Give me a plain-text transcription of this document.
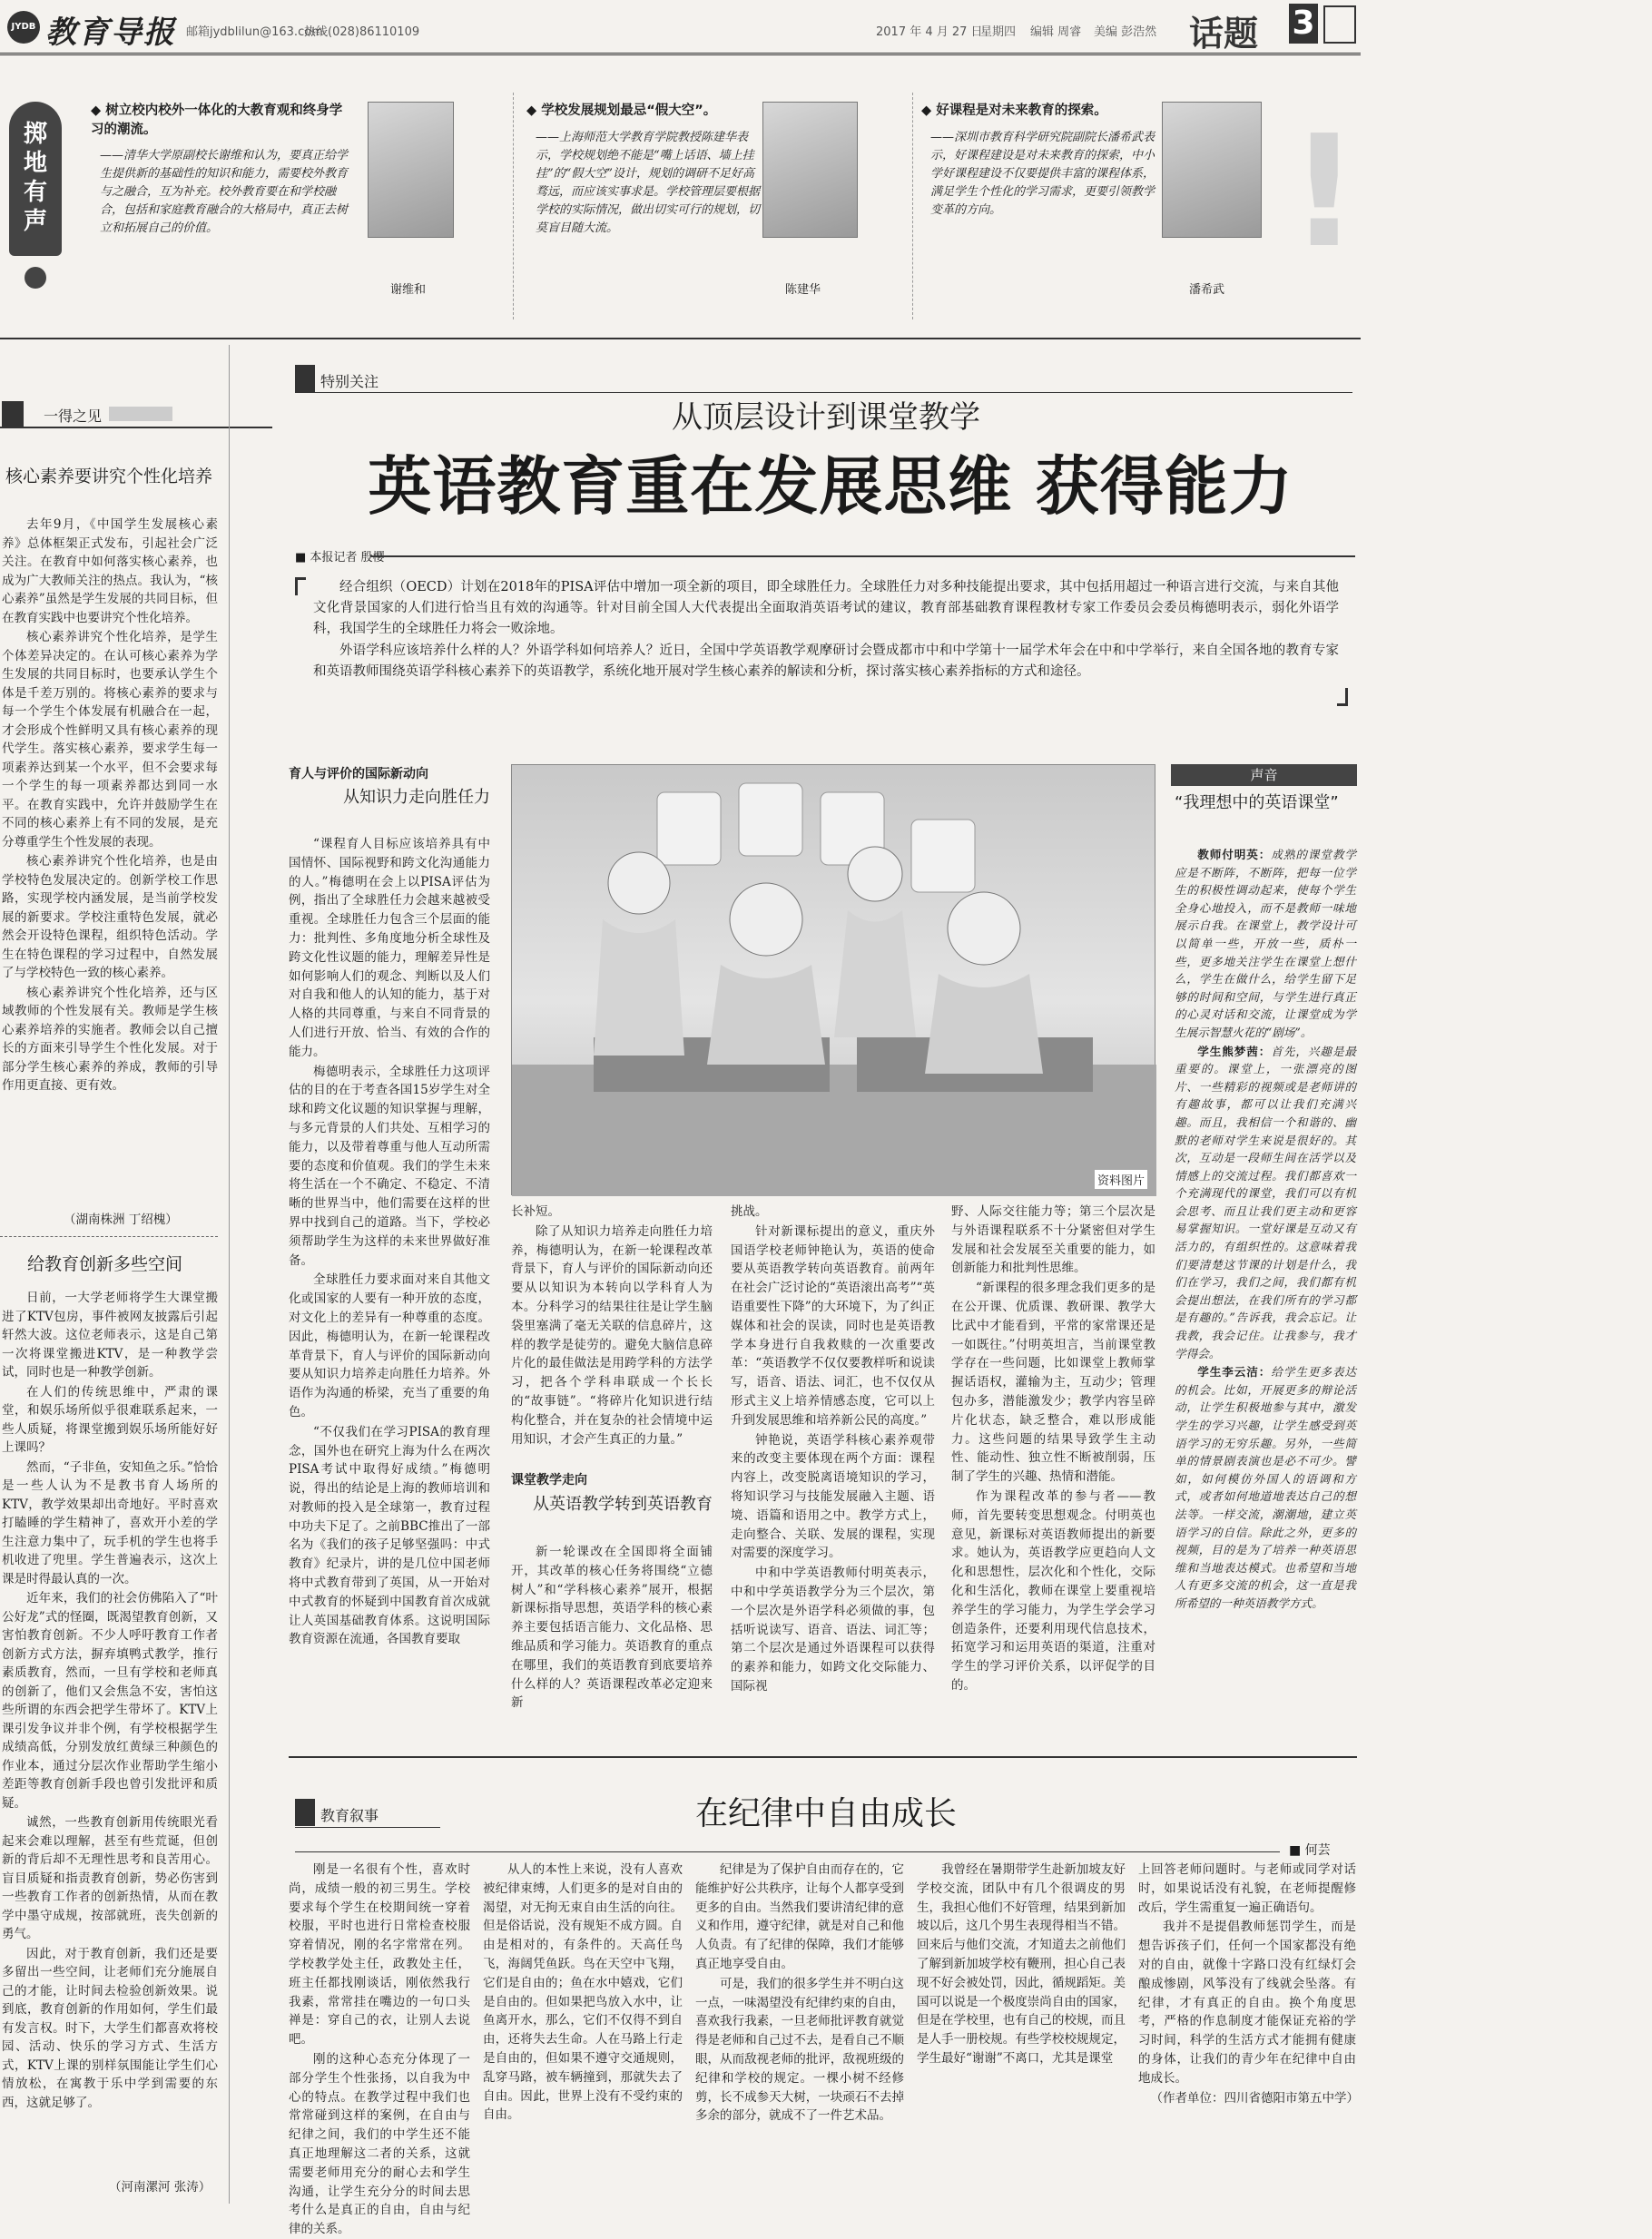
JYDB 教育导报 邮箱jydblilun@163.com
热线(028)86110109	2017 年 4 月 27 日
星期四 编辑 周睿 美编 彭浩然 话题 3
掷地有声
◆ 树立校内校外一体化的大教育观和终身学习的潮流。
——清华大学原副校长谢维和认为，要真正给学生提供新的基础性的知识和能力，需要校外教育与之融合，互为补充。校外教育要在和学校融合，包括和家庭教育融合的大格局中，真正去树立和拓展自己的价值。
谢维和
◆ 学校发展规划最忌“假大空”。
——上海师范大学教育学院教授陈建华表示，学校规划绝不能是“嘴上话语、墙上挂挂”的“假大空”设计，规划的调研不足好高骛远，而应该实事求是。学校管理层要根据学校的实际情况，做出切实可行的规划，切莫盲目随大流。
陈建华
◆ 好课程是对未来教育的探索。
——深圳市教育科学研究院副院长潘希武表示，好课程建设是对未来教育的探索，中小学好课程建设不仅要提供丰富的课程体系，满足学生个性化的学习需求，更要引领教学变革的方向。
潘希武
!
一得之见
核心素养要讲究个性化培养

去年9月，《中国学生发展核心素养》总体框架正式发布，引起社会广泛关注。在教育中如何落实核心素养，也成为广大教师关注的热点。我认为，“核心素养”虽然是学生发展的共同目标，但在教育实践中也要讲究个性化培养。

核心素养讲究个性化培养，是学生个体差异决定的。在认可核心素养为学生发展的共同目标时，也要承认学生个体是千差万别的。将核心素养的要求与每一个学生个体发展有机融合在一起，才会形成个性鲜明又具有核心素养的现代学生。落实核心素养，要求学生每一项素养达到某一个水平，但不会要求每一个学生的每一项素养都达到同一水平。在教育实践中，允许并鼓励学生在不同的核心素养上有不同的发展，是充分尊重学生个性发展的表现。

核心素养讲究个性化培养，也是由学校特色发展决定的。创新学校工作思路，实现学校内涵发展，是当前学校发展的新要求。学校注重特色发展，就必然会开设特色课程，组织特色活动。学生在特色课程的学习过程中，自然发展了与学校特色一致的核心素养。

核心素养讲究个性化培养，还与区域教师的个性发展有关。教师是学生核心素养培养的实施者。教师会以自己擅长的方面来引导学生个性化发展。对于部分学生核心素养的养成，教师的引导作用更直接、更有效。

（湖南株洲 丁绍槐）
给教育创新多些空间

日前，一大学老师将学生大课堂搬进了KTV包房，事件被网友披露后引起轩然大波。这位老师表示，这是自己第一次将课堂搬进KTV，是一种教学尝试，同时也是一种教学创新。

在人们的传统思维中，严肃的课堂，和娱乐场所似乎很难联系起来，一些人质疑，将课堂搬到娱乐场所能好好上课吗？

然而，“子非鱼，安知鱼之乐。”恰恰是一些人认为不是教书育人场所的KTV，教学效果却出奇地好。平时喜欢打瞌睡的学生精神了，喜欢开小差的学生注意力集中了，玩手机的学生也将手机收进了兜里。学生普遍表示，这次上课是时得最认真的一次。

近年来，我们的社会仿佛陷入了“叶公好龙”式的怪圈，既渴望教育创新，又害怕教育创新。不少人呼吁教育工作者创新方式方法，摒弃填鸭式教学，推行素质教育，然而，一旦有学校和老师真的创新了，他们又会焦急不安，害怕这些所谓的东西会把学生带坏了。KTV上课引发争议并非个例，有学校根据学生成绩高低，分别发放红黄绿三种颜色的作业本，通过分层次作业帮助学生缩小差距等教育创新手段也曾引发批评和质疑。

诚然，一些教育创新用传统眼光看起来会难以理解，甚至有些荒诞，但创新的背后却不无理性思考和良苦用心。盲目质疑和指责教育创新，势必伤害到一些教育工作者的创新热情，从而在教学中墨守成规，按部就班，丧失创新的勇气。

因此，对于教育创新，我们还是要多留出一些空间，让老师们充分施展自己的才能，让时间去检验创新效果。说到底，教育创新的作用如何，学生们最有发言权。时下，大学生们都喜欢将校园、活动、快乐的学习方式、生活方式，KTV上课的别样氛围能让学生们心情放松，在寓教于乐中学到需要的东西，这就足够了。

（河南漯河 张涛）
特别关注
从顶层设计到课堂教学
英语教育重在发展思维 获得能力
■ 本报记者 殷樱

经合组织（OECD）计划在2018年的PISA评估中增加一项全新的项目，即全球胜任力。全球胜任力对多种技能提出要求，其中包括用超过一种语言进行交流，与来自其他文化背景国家的人们进行恰当且有效的沟通等。针对目前全国人大代表提出全面取消英语考试的建议，教育部基础教育课程教材专家工作委员会委员梅德明表示，弱化外语学科，我国学生的全球胜任力将会一败涂地。

外语学科应该培养什么样的人？外语学科如何培养人？近日，全国中学英语教学观摩研讨会暨成都市中和中学第十一届学术年会在中和中学举行，来自全国各地的教育专家和英语教师围绕英语学科核心素养下的英语教学，系统化地开展对学生核心素养的解读和分析，探讨落实核心素养指标的方式和途径。

育人与评价的国际新动向
从知识力走向胜任力

“课程育人目标应该培养具有中国情怀、国际视野和跨文化沟通能力的人。”梅德明在会上以PISA评估为例，指出了全球胜任力会越来越被受重视。全球胜任力包含三个层面的能力：批判性、多角度地分析全球性及跨文化性议题的能力，理解差异性是如何影响人们的观念、判断以及人们对自我和他人的认知的能力，基于对人格的共同尊重，与来自不同背景的人们进行开放、恰当、有效的合作的能力。

梅德明表示，全球胜任力这项评估的目的在于考查各国15岁学生对全球和跨文化议题的知识掌握与理解，与多元背景的人们共处、互相学习的能力，以及带着尊重与他人互动所需要的态度和价值观。我们的学生未来将生活在一个不确定、不稳定、不清晰的世界当中，他们需要在这样的世界中找到自己的道路。当下，学校必须帮助学生为这样的未来世界做好准备。

全球胜任力要求面对来自其他文化或国家的人要有一种开放的态度，对文化上的差异有一种尊重的态度。因此，梅德明认为，在新一轮课程改革背景下，育人与评价的国际新动向要从知识力培养走向胜任力培养。外语作为沟通的桥梁，充当了重要的角色。

“不仅我们在学习PISA的教育理念，国外也在研究上海为什么在两次PISA考试中取得好成绩。”梅德明说，得出的结论是上海的教师培训和对教师的投入是全球第一，教育过程中功夫下足了。之前BBC推出了一部名为《我们的孩子足够坚强吗：中式教育》纪录片，讲的是几位中国老师将中式教育带到了英国，从一开始对中式教育的怀疑到中国教育首次成就让人英国基础教育体系。这说明国际教育资源在流通，各国教育要取

资料图片

长补短。

除了从知识力培养走向胜任力培养，梅德明认为，在新一轮课程改革背景下，育人与评价的国际新动向还要从以知识为本转向以学科育人为本。分科学习的结果往往是让学生脑袋里塞满了毫无关联的信息碎片，这样的教学是徒劳的。避免大脑信息碎片化的最佳做法是用跨学科的方法学习，把各个学科串联成一个长长的“故事链”。“将碎片化知识进行结构化整合，并在复杂的社会情境中运用知识，才会产生真正的力量。”

课堂教学走向
从英语教学转到英语教育

新一轮课改在全国即将全面铺开，其改革的核心任务将围绕“立德树人”和“学科核心素养”展开，根据新课标指导思想，英语学科的核心素养主要包括语言能力、文化品格、思维品质和学习能力。英语教育的重点在哪里，我们的英语教育到底要培养什么样的人？英语课程改革必定迎来新

挑战。

针对新课标提出的意义，重庆外国语学校老师钟艳认为，英语的使命要从英语教学转向英语教育。前两年在社会广泛讨论的“英语滚出高考”“英语重要性下降”的大环境下，为了纠正媒体和社会的误读，同时也是英语教学本身进行自我救赎的一次重要改革：“英语教学不仅仅要教样听和说读写，语音、语法、词汇，也不仅仅从形式主义上培养情感态度，它可以上升到发展思维和培养新公民的高度。”

钟艳说，英语学科核心素养观带来的改变主要体现在两个方面：课程内容上，改变脱离语境知识的学习，将知识学习与技能发展融入主题、语境、语篇和语用之中。教学方式上，走向整合、关联、发展的课程，实现对需要的深度学习。

中和中学英语教师付明英表示，中和中学英语教学分为三个层次，第一个层次是外语学科必须做的事，包括听说读写、语音、语法、词汇等；第二个层次是通过外语课程可以获得的素养和能力，如跨文化交际能力、国际视

野、人际交往能力等；第三个层次是与外语课程联系不十分紧密但对学生发展和社会发展至关重要的能力，如创新能力和批判性思维。

“新课程的很多理念我们更多的是在公开课、优质课、教研课、教学大比武中才能看到，平常的家常课还是一如既往。”付明英坦言，当前课堂教学存在一些问题，比如课堂上教师掌握话语权，灌输为主，互动少；管理包办多，潜能激发少；教学内容呈碎片化状态，缺乏整合，难以形成能力。这些问题的结果导致学生主动性、能动性、独立性不断被削弱，压制了学生的兴趣、热情和潜能。

作为课程改革的参与者——教师，首先要转变思想观念。付明英也意见，新课标对英语教师提出的新要求。她认为，英语教学应更趋向人文化和思想性，层次化和个性化，交际化和生活化，教师在课堂上要重视培养学生的学习能力，为学生学会学习创造条件，还要利用现代信息技术，拓宽学习和运用英语的渠道，注重对学生的学习评价关系，以评促学的目的。

声音
“我理想中的英语课堂”

教师付明英：成熟的课堂教学应是不断阵，不断阵，把每一位学生的积极性调动起来，使每个学生全身心地投入，而不是教师一味地展示自我。在课堂上，教学设计可以简单一些，开放一些，质朴一些，更多地关注学生在课堂上想什么，学生在做什么，给学生留下足够的时间和空间，与学生进行真正的心灵对话和交流，让课堂成为学生展示智慧火花的“剧场”。

学生熊梦茜：首先，兴趣是最重要的。课堂上，一张漂亮的图片、一些精彩的视频或是老师讲的有趣故事，都可以让我们充满兴趣。而且，我相信一个和谐的、幽默的老师对学生来说是很好的。其次，互动是一段师生间在活学以及情感上的交流过程。我们都喜欢一个充满现代的课堂，我们可以有机会思考、而且让我们更主动和更容易掌握知识。一堂好课是互动又有活力的，有组织性的。这意味着我们要清楚这节课的计划是什么，我们在学习，我们之间，我们都有机会提出想法，在我们所有的学习都是有趣的。”告诉我，我会忘记。让我教，我会记住。让我参与，我才学得会。

学生李云洁：给学生更多表达的机会。比如，开展更多的辩论活动，让学生积极地参与其中，激发学生的学习兴趣，让学生感受到英语学习的无穷乐趣。另外，一些简单的情景剧表演也是必不可少。譬如，如何模仿外国人的语调和方式，或者如何地道地表达自己的想法等。一样交流，潮潮地，建立英语学习的自信。除此之外，更多的视频，目的是为了培养一种英语思维和当地表达模式。也希望和当地人有更多交流的机会，这一直是我所希望的一种英语教学方式。

教育叙事	在纪律中自由成长
■ 何芸

刚是一名很有个性，喜欢时尚，成绩一般的初三男生。学校要求每个学生在校期间统一穿着校服，平时也进行日常检查校服穿着情况，刚的名字常常在列。学校教学处主任，政教处主任，班主任都找刚谈话，刚依然我行我素，常常挂在嘴边的一句口头禅是：穿自己的衣，让别人去说吧。

刚的这种心态充分体现了一部分学生个性张扬，以自我为中心的特点。在教学过程中我们也常常碰到这样的案例，在自由与纪律之间，我们的中学生还不能真正地理解这二者的关系，这就需要老师用充分的耐心去和学生沟通，让学生充分分的时间去思考什么是真正的自由，自由与纪律的关系。

从人的本性上来说，没有人喜欢被纪律束缚，人们更多的是对自由的渴望，对无拘无束自由生活的向往。但是俗话说，没有规矩不成方圆。自由是相对的，有条件的。天高任鸟飞，海阔凭鱼跃。鸟在天空中飞翔，它们是自由的；鱼在水中嬉戏，它们是自由的。但如果把鸟放入水中，让鱼离开水，那么，它们不仅得不到自由，还将失去生命。人在马路上行走是自由的，但如果不遵守交通规则，乱穿马路，被车辆撞到，那就失去了自由。因此，世界上没有不受约束的自由。

纪律是为了保护自由而存在的，它能维护好公共秩序，让每个人都享受到更多的自由。当然我们要讲清纪律的意义和作用，遵守纪律，就是对自己和他人负责。有了纪律的保障，我们才能够真正地享受自由。

可是，我们的很多学生并不明白这一点，一味渴望没有纪律约束的自由，喜欢我行我素，一旦老师批评教育就觉得是老师和自己过不去，是看自己不顺眼，从而敌视老师的批评，敌视班级的纪律和学校的规定。一棵小树不经修剪，长不成参天大树，一块顽石不去掉多余的部分，就成不了一件艺术品。

我曾经在暑期带学生赴新加坡友好学校交流，团队中有几个很调皮的男生，我担心他们不好管理，结果到新加坡以后，这几个男生表现得相当不错。回来后与他们交流，才知道去之前他们了解到新加坡学校有鞭刑，担心自己表现不好会被处罚，因此，循规蹈矩。美国可以说是一个极度崇尚自由的国家，但是在学校里，也有自己的校规，而且是人手一册校规。有些学校校规规定，学生最好“谢谢”不离口，尤其是课堂

上回答老师问题时。与老师或同学对话时，如果说话没有礼貌，在老师提醒修改后，学生需重复一遍正确语句。

我并不是提倡教师惩罚学生，而是想告诉孩子们，任何一个国家都没有绝对的自由，就像十字路口没有红绿灯会酿成惨剧，风筝没有了线就会坠落。有纪律，才有真正的自由。换个角度思考，严格的作息制度才能保证充裕的学习时间，科学的生活方式才能拥有健康的身体，让我们的青少年在纪律中自由地成长。

（作者单位：四川省德阳市第五中学）
